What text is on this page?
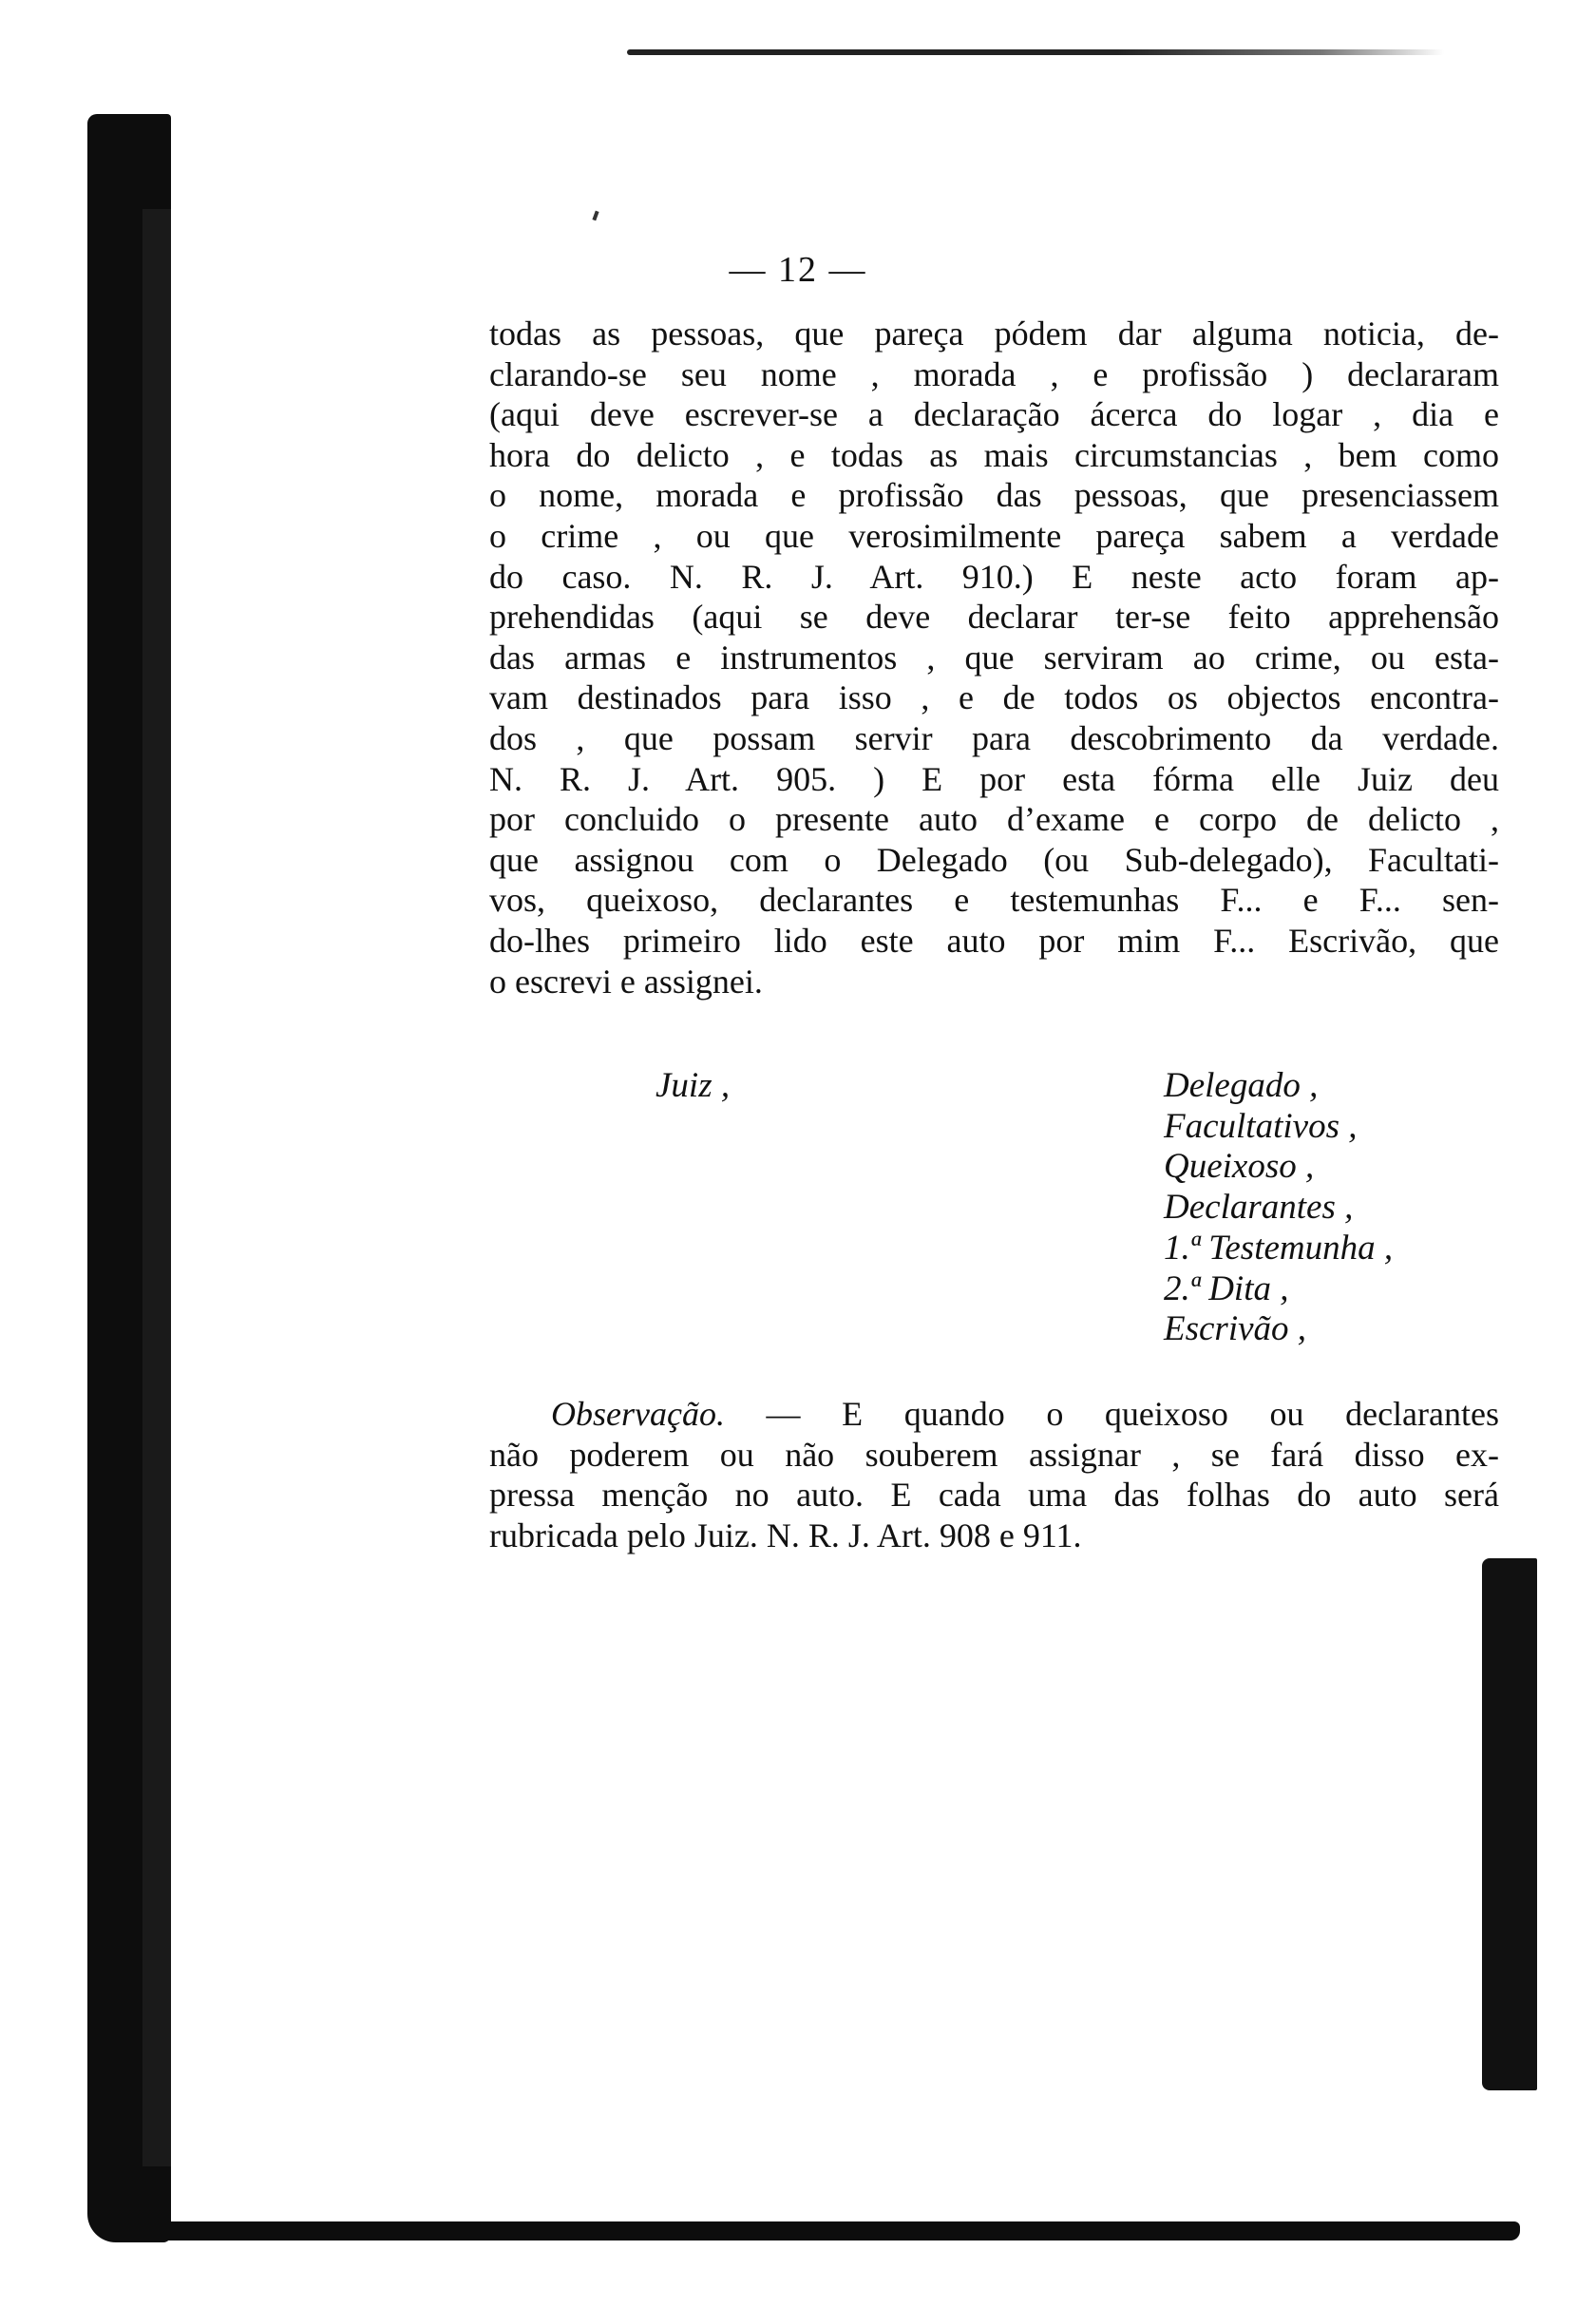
— 12 —
todas as pessoas, que pareça pódem dar alguma noticia, de-
clarando-se seu nome , morada , e profissão ) declararam
(aqui deve escrever-se a declaração ácerca do logar , dia e
hora do delicto , e todas as mais circumstancias , bem como
o nome, morada e profissão das pessoas, que presenciassem
o crime , ou que verosimilmente pareça sabem a verdade
do caso. N. R. J. Art. 910.) E neste acto foram ap-
prehendidas (aqui se deve declarar ter-se feito apprehensão
das armas e instrumentos , que serviram ao crime, ou esta-
vam destinados para isso , e de todos os objectos encontra-
dos , que possam servir para descobrimento da verdade.
N. R. J. Art. 905. ) E por esta fórma elle Juiz deu
por concluido o presente auto d’exame e corpo de delicto ,
que assignou com o Delegado (ou Sub-delegado), Facultati-
vos, queixoso, declarantes e testemunhas F... e F... sen-
do-lhes primeiro lido este auto por mim F... Escrivão, que
o escrevi e assignei.
Juiz ,	Delegado ,
Facultativos ,
Queixoso ,
Declarantes ,
1.ª Testemunha ,
2.ª Dita ,
Escrivão ,
Observação. — E quando o queixoso ou declarantes
não poderem ou não souberem assignar , se fará disso ex-
pressa menção no auto. E cada uma das folhas do auto será
rubricada pelo Juiz. N. R. J. Art. 908 e 911.
